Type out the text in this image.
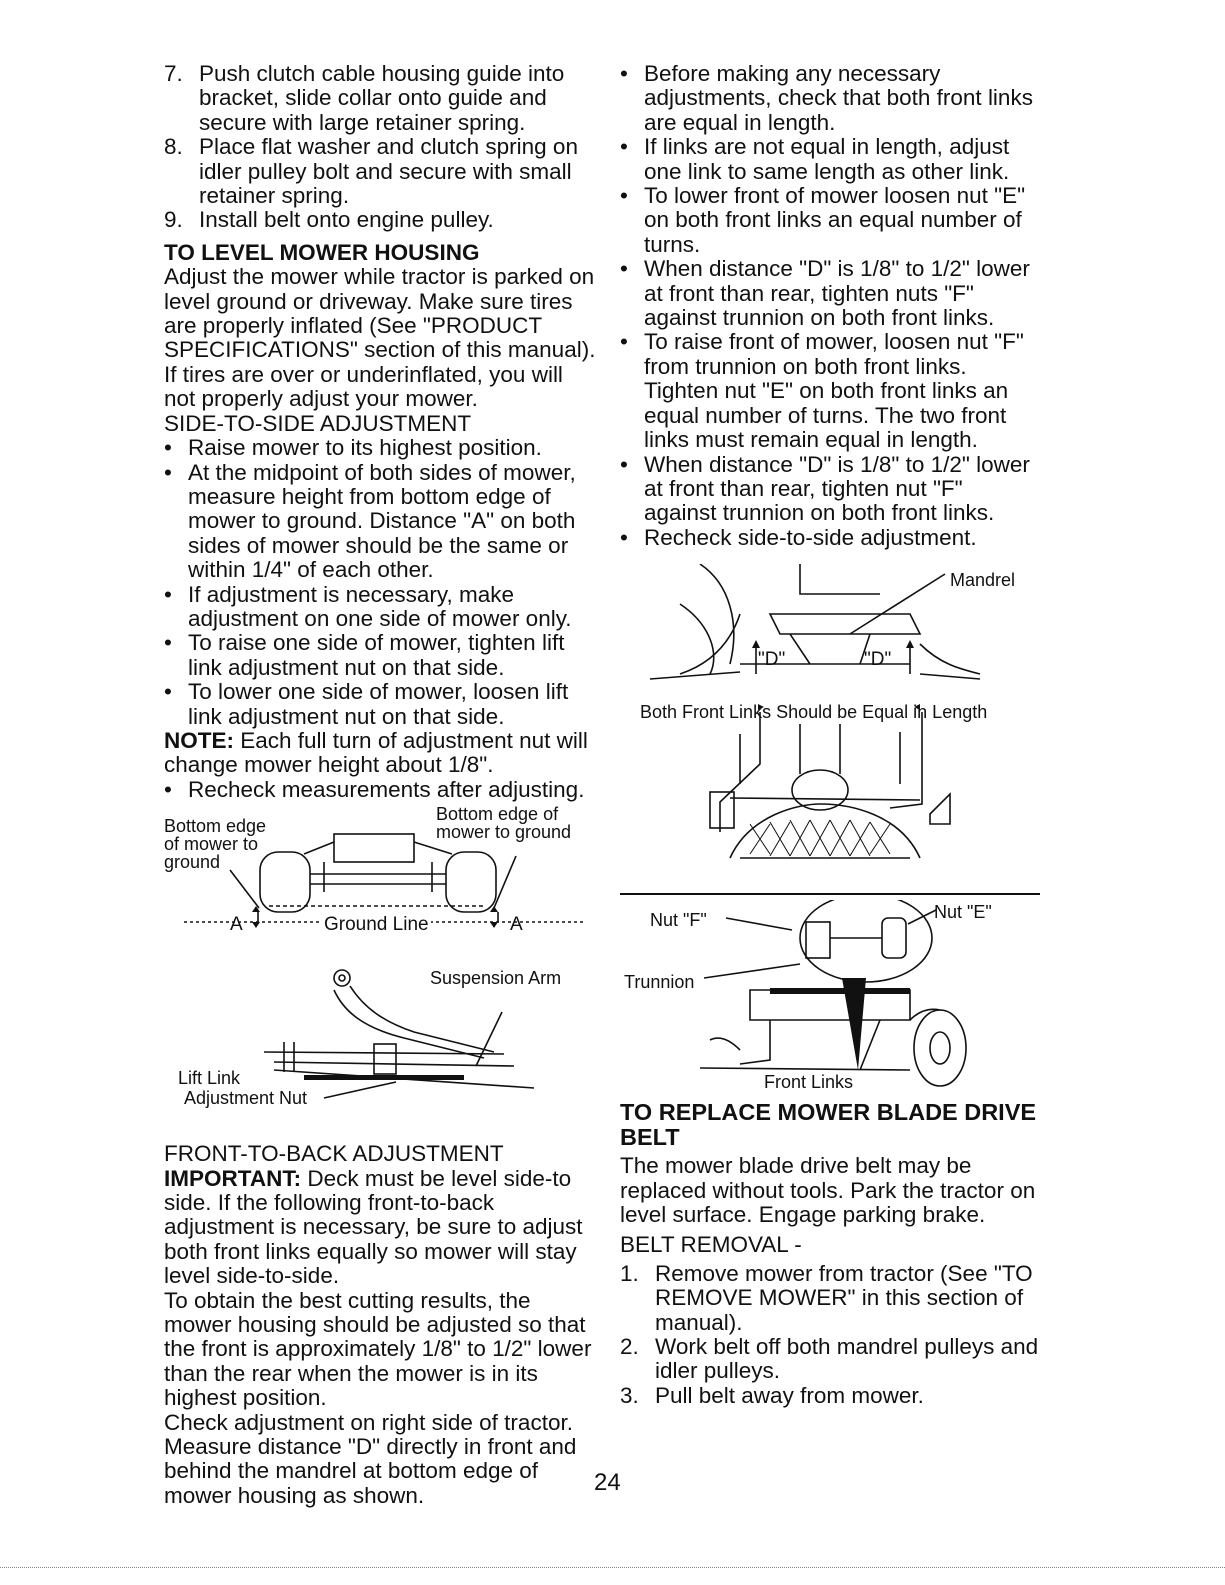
7. Push clutch cable housing guide into bracket, slide collar onto guide and secure with large retainer spring.
8. Place flat washer and clutch spring on idler pulley bolt and secure with small retainer spring.
9. Install belt onto engine pulley.

TO LEVEL MOWER HOUSING

Adjust the mower while tractor is parked on level ground or driveway. Make sure tires are properly inflated (See "PRODUCT SPECIFICATIONS" section of this manual). If tires are over or underinflated, you will not properly adjust your mower.

SIDE-TO-SIDE ADJUSTMENT

• Raise mower to its highest position.
• At the midpoint of both sides of mower, measure height from bottom edge of mower to ground. Distance "A" on both sides of mower should be the same or within 1/4" of each other.
• If adjustment is necessary, make adjustment on one side of mower only.
• To raise one side of mower, tighten lift link adjustment nut on that side.
• To lower one side of mower, loosen lift link adjustment nut on that side.

NOTE: Each full turn of adjustment nut will change mower height about 1/8".

• Recheck measurements after adjusting.
Bottom edge
of mower to
ground
Bottom edge of
mower to ground
A	Ground Line	A
Suspension Arm
Lift Link
Adjustment Nut

FRONT-TO-BACK ADJUSTMENT

IMPORTANT: Deck must be level side-to side. If the following front-to-back adjustment is necessary, be sure to adjust both front links equally so mower will stay level side-to-side.

To obtain the best cutting results, the mower housing should be adjusted so that the front is approximately 1/8" to 1/2" lower than the rear when the mower is in its highest position.

Check adjustment on right side of tractor. Measure distance "D" directly in front and behind the mandrel at bottom edge of mower housing as shown.

• Before making any necessary adjustments, check that both front links are equal in length.
• If links are not equal in length, adjust one link to same length as other link.
• To lower front of mower loosen nut "E" on both front links an equal number of turns.
• When distance "D" is 1/8" to 1/2" lower at front than rear, tighten nuts "F" against trunnion on both front links.
• To raise front of mower, loosen nut "F" from trunnion on both front links. Tighten nut "E" on both front links an equal number of turns. The two front links must remain equal in length.
• When distance "D" is 1/8" to 1/2" lower at front than rear, tighten nut "F" against trunnion on both front links.
• Recheck side-to-side adjustment.
Mandrel
"D"	"D"
Both Front Links Should be Equal in Length
Nut "F"	Nut "E"
Trunnion
Front Links

TO REPLACE MOWER BLADE DRIVE BELT

The mower blade drive belt may be replaced without tools. Park the tractor on level surface. Engage parking brake.

BELT REMOVAL -

1. Remove mower from tractor (See "TO REMOVE MOWER" in this section of manual).
2. Work belt off both mandrel pulleys and idler pulleys.
3. Pull belt away from mower.
24
